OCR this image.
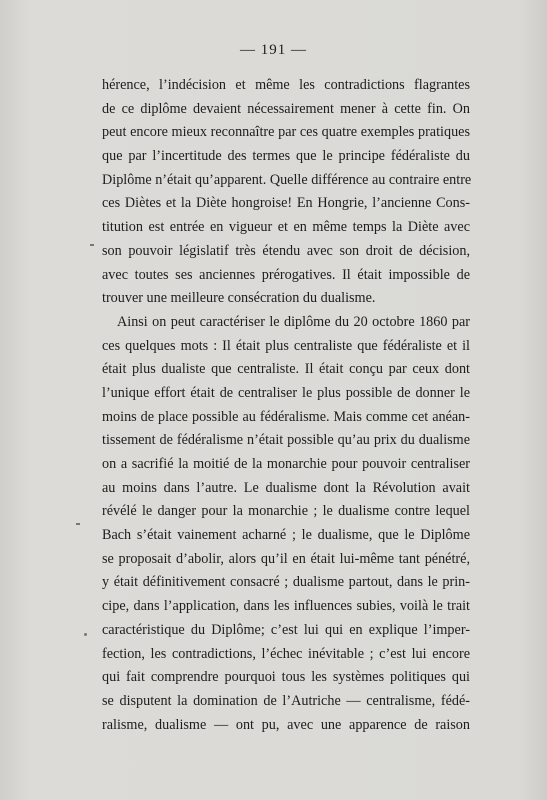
— 191 —
hérence, l’indécision et même les contradictions flagrantes
de ce diplôme devaient nécessairement mener à cette fin. On
peut encore mieux reconnaître par ces quatre exemples pratiques
que par l’incertitude des termes que le principe fédéraliste du
Diplôme n’était qu’apparent. Quelle différence au contraire entre
ces Diètes et la Diète hongroise! En Hongrie, l’ancienne Cons-
titution est entrée en vigueur et en même temps la Diète avec
son pouvoir législatif très étendu avec son droit de décision,
avec toutes ses anciennes prérogatives. Il était impossible de
trouver une meilleure consécration du dualisme.
Ainsi on peut caractériser le diplôme du 20 octobre 1860 par
ces quelques mots : Il était plus centraliste que fédéraliste et il
était plus dualiste que centraliste. Il était conçu par ceux dont
l’unique effort était de centraliser le plus possible de donner le
moins de place possible au fédéralisme. Mais comme cet anéan-
tissement de fédéralisme n’était possible qu’au prix du dualisme
on a sacrifié la moitié de la monarchie pour pouvoir centraliser
au moins dans l’autre. Le dualisme dont la Révolution avait
révélé le danger pour la monarchie ; le dualisme contre lequel
Bach s’était vainement acharné ; le dualisme, que le Diplôme
se proposait d’abolir, alors qu’il en était lui-même tant pénétré,
y était définitivement consacré ; dualisme partout, dans le prin-
cipe, dans l’application, dans les influences subies, voilà le trait
caractéristique du Diplôme; c’est lui qui en explique l’imper-
fection, les contradictions, l’échec inévitable ; c’est lui encore
qui fait comprendre pourquoi tous les systèmes politiques qui
se disputent la domination de l’Autriche — centralisme, fédé-
ralisme, dualisme — ont pu, avec une apparence de raison
